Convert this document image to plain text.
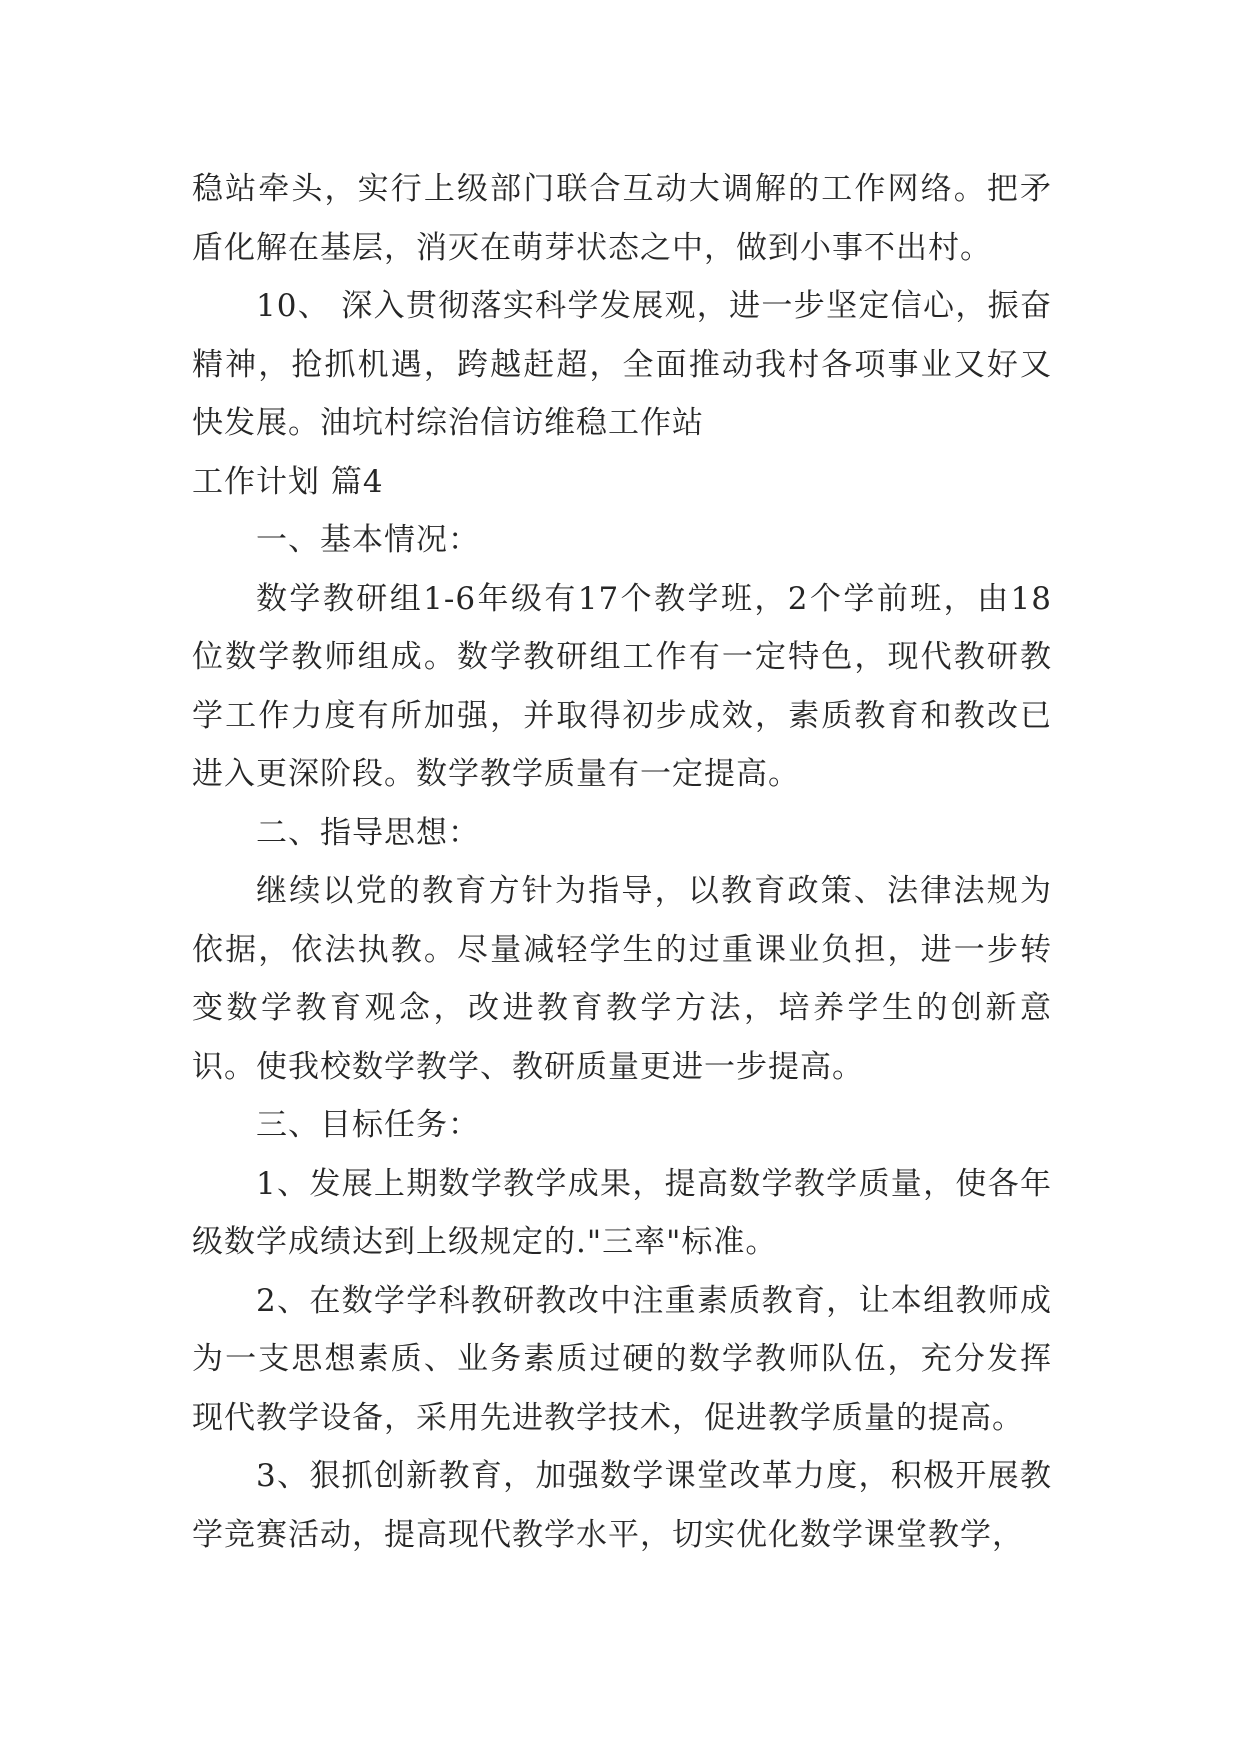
稳站牵头，实行上级部门联合互动大调解的工作网络。把矛盾化解在基层，消灭在萌芽状态之中，做到小事不出村。

10、 深入贯彻落实科学发展观，进一步坚定信心，振奋精神，抢抓机遇，跨越赶超，全面推动我村各项事业又好又快发展。油坑村综治信访维稳工作站

工作计划 篇4

一、基本情况：

数学教研组1-6年级有17个教学班，2个学前班，由18位数学教师组成。数学教研组工作有一定特色，现代教研教学工作力度有所加强，并取得初步成效，素质教育和教改已进入更深阶段。数学教学质量有一定提高。

二、指导思想：

继续以党的教育方针为指导，以教育政策、法律法规为依据，依法执教。尽量减轻学生的过重课业负担，进一步转变数学教育观念，改进教育教学方法，培养学生的创新意识。使我校数学教学、教研质量更进一步提高。

三、目标任务：

1、发展上期数学教学成果，提高数学教学质量，使各年级数学成绩达到上级规定的."三率"标准。

2、在数学学科教研教改中注重素质教育，让本组教师成为一支思想素质、业务素质过硬的数学教师队伍，充分发挥现代教学设备，采用先进教学技术，促进教学质量的提高。

3、狠抓创新教育，加强数学课堂改革力度，积极开展教学竞赛活动，提高现代教学水平，切实优化数学课堂教学，
